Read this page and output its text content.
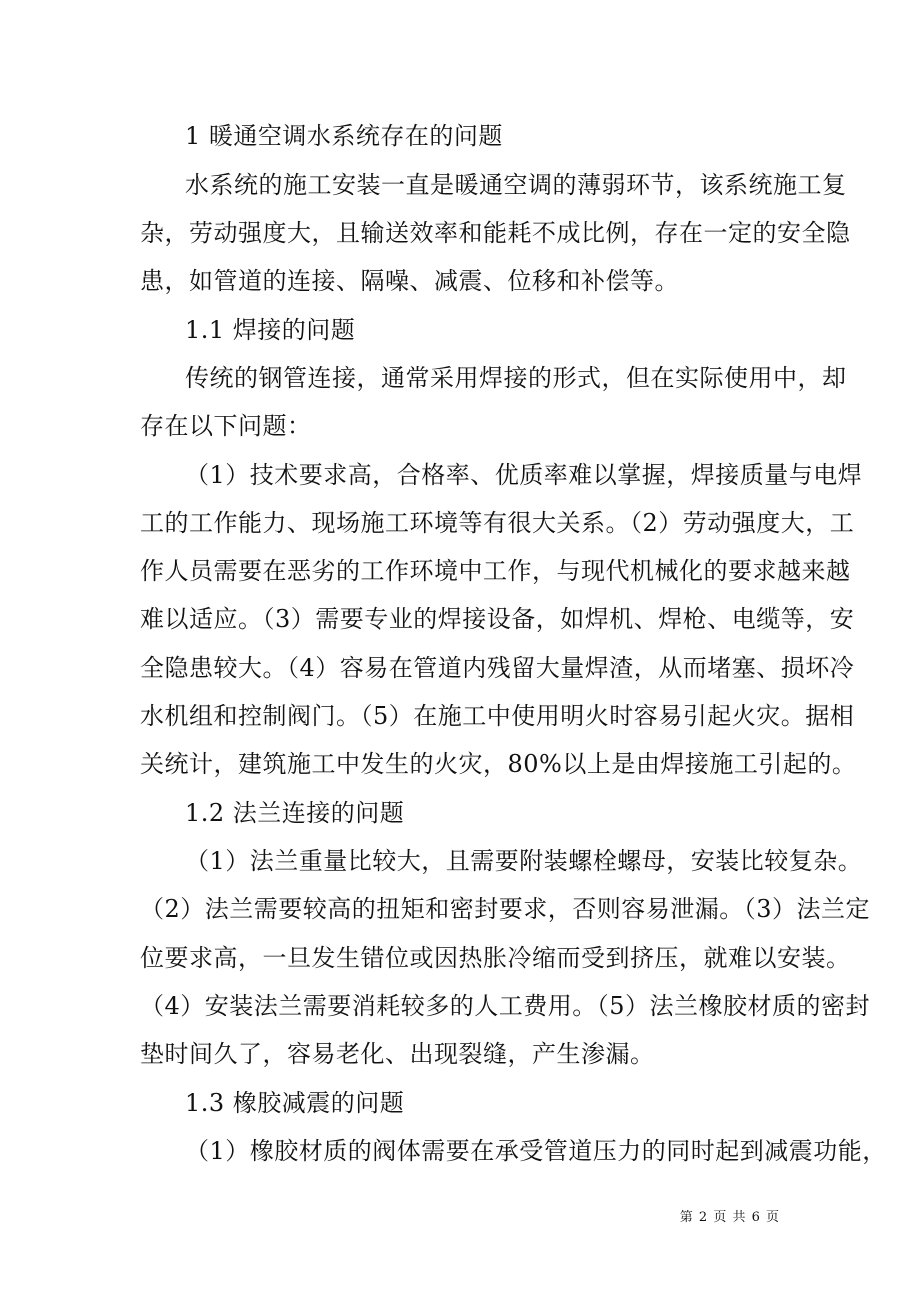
1 暖通空调水系统存在的问题
水系统的施工安装一直是暖通空调的薄弱环节，该系统施工复
杂，劳动强度大，且输送效率和能耗不成比例，存在一定的安全隐
患，如管道的连接、隔噪、减震、位移和补偿等。
1.1 焊接的问题
传统的钢管连接，通常采用焊接的形式，但在实际使用中，却
存在以下问题：
（1）技术要求高，合格率、优质率难以掌握，焊接质量与电焊
工的工作能力、现场施工环境等有很大关系。（2）劳动强度大，工
作人员需要在恶劣的工作环境中工作，与现代机械化的要求越来越
难以适应。（3）需要专业的焊接设备，如焊机、焊枪、电缆等，安
全隐患较大。（4）容易在管道内残留大量焊渣，从而堵塞、损坏冷
水机组和控制阀门。（5）在施工中使用明火时容易引起火灾。据相
关统计，建筑施工中发生的火灾，80%以上是由焊接施工引起的。
1.2 法兰连接的问题
（1）法兰重量比较大，且需要附装螺栓螺母，安装比较复杂。
（2）法兰需要较高的扭矩和密封要求，否则容易泄漏。（3）法兰定
位要求高，一旦发生错位或因热胀冷缩而受到挤压，就难以安装。
（4）安装法兰需要消耗较多的人工费用。（5）法兰橡胶材质的密封
垫时间久了，容易老化、出现裂缝，产生渗漏。
1.3 橡胶减震的问题
（1）橡胶材质的阀体需要在承受管道压力的同时起到减震功能，
第 2 页 共 6 页
